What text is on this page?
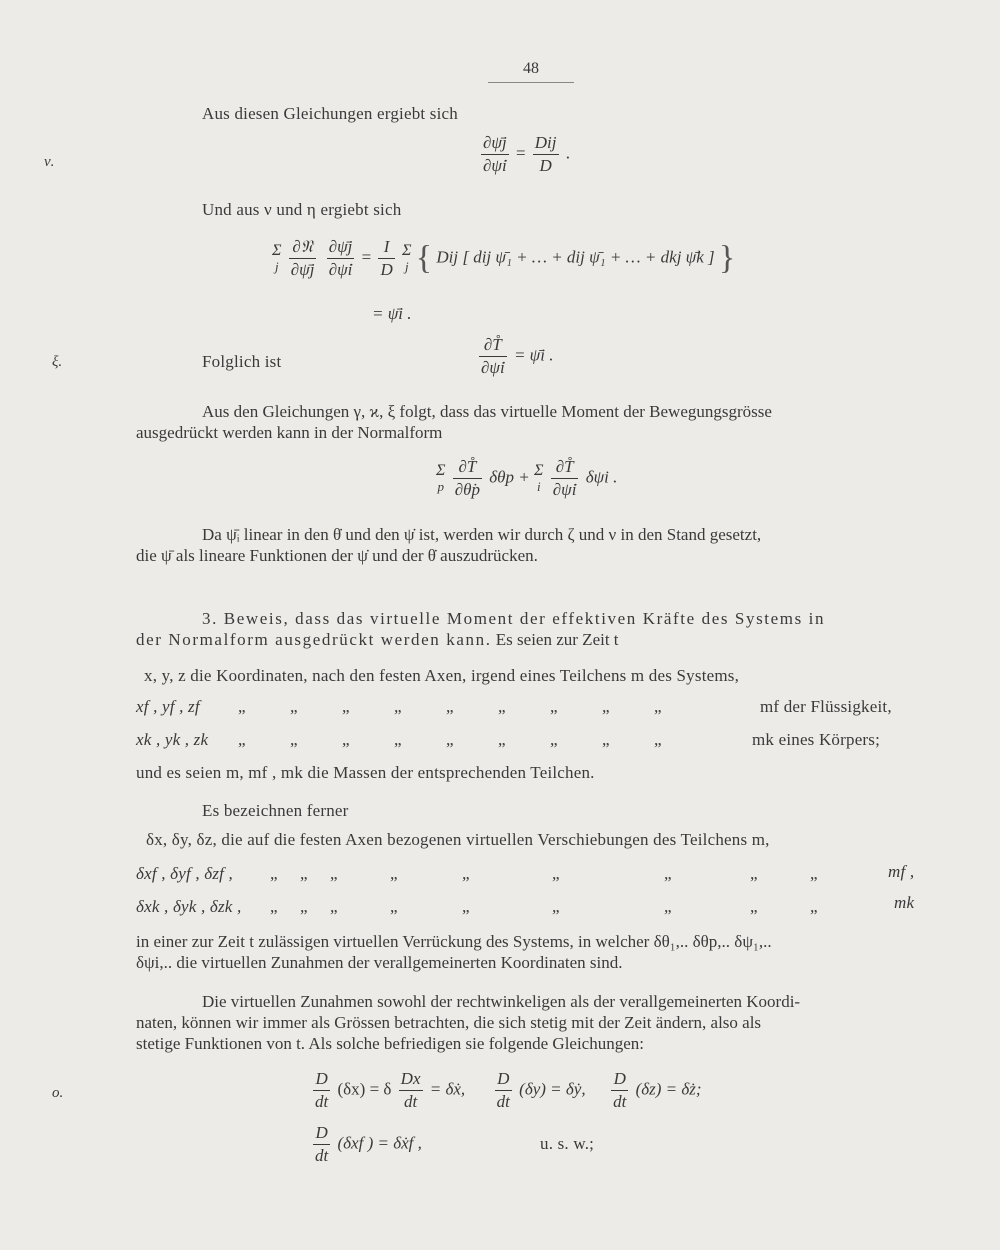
48
ν.
ξ.
o.
Aus diesen Gleichungen ergiebt sich
$\frac{\partial\psīj}{\partial\psi̇i} = \frac{\text{Dij}}{D}$ .
Und aus ν und η ergiebt sich
Σ
j
$\frac{\text{∂𝔑}}{\partial\psīj}$
$\frac{\partial\psīj}{\partial\psi̇i} = \frac{I}{D}$ Σ
j { Dij [ dij ψ̄₁ + … + dij ψ̄₁ + … + dkj ψ̄k ] }
= ψ̄i .
Folglich ist	$\frac{\partial T̊}{\partial\psi̇i}$ = ψ̄i .
Aus den Gleichungen γ, ϰ, ξ folgt, dass das virtuelle Moment der Bewegungsgrösse
ausgedrückt werden kann in der Normalform
Σ
p
$\frac{\partial T̊}{\partial\thetȧp}$ δθp + Σ
i
$\frac{\partial T̊}{\partial\psi̇i}$ δψi .
Da ψ̄ᵢ linear in den θ̇ und den ψ̇ ist, werden wir durch ζ und ν in den Stand gesetzt,
die ψ̄ als lineare Funktionen der ψ̇ und der θ̇ auszudrücken.
3. Beweis, dass das virtuelle Moment der effektiven Kräfte des Systems in
der Normalform ausgedrückt werden kann. Es seien zur Zeit t
x, y, z die Koordinaten, nach den festen Axen, irgend eines Teilchens m des Systems,
xf , yf , zf „	„	„	„	„	„	„	„	„	mf der Flüssigkeit,
xk , yk , zk „	„	„	„	„	„	„	„	„	mk eines Körpers;
und es seien m, mf , mk die Massen der entsprechenden Teilchen.
Es bezeichnen ferner
δx, δy, δz, die auf die festen Axen bezogenen virtuellen Verschiebungen des Teilchens m,
δxf , δyf , δzf , „ „ „	„	„	„	„	„	„	mf ,
δxk , δyk , δzk , „ „ „	„	„	„	„	„	„	mk
in einer zur Zeit t zulässigen virtuellen Verrückung des Systems, in welcher δθ₁,.. δθp,.. δψ₁,..
δψi,.. die virtuellen Zunahmen der verallgemeinerten Koordinaten sind.
Die virtuellen Zunahmen sowohl der rechtwinkeligen als der verallgemeinerten Koordi-
naten, können wir immer als Grössen betrachten, die sich stetig mit der Zeit ändern, also als
stetige Funktionen von t. Als solche befriedigen sie folgende Gleichungen:
$\frac{D}{dt} (\delta x) = \delta \frac{Dx}{dt}$ = δẋ, $\frac{D}{dt} (\delta y)$ = δẏ, $\frac{D}{dt} (\delta z)$ = δż;
$\frac{D}{dt} (\delta xf$ ) = δẋf ,	u. s. w.;
